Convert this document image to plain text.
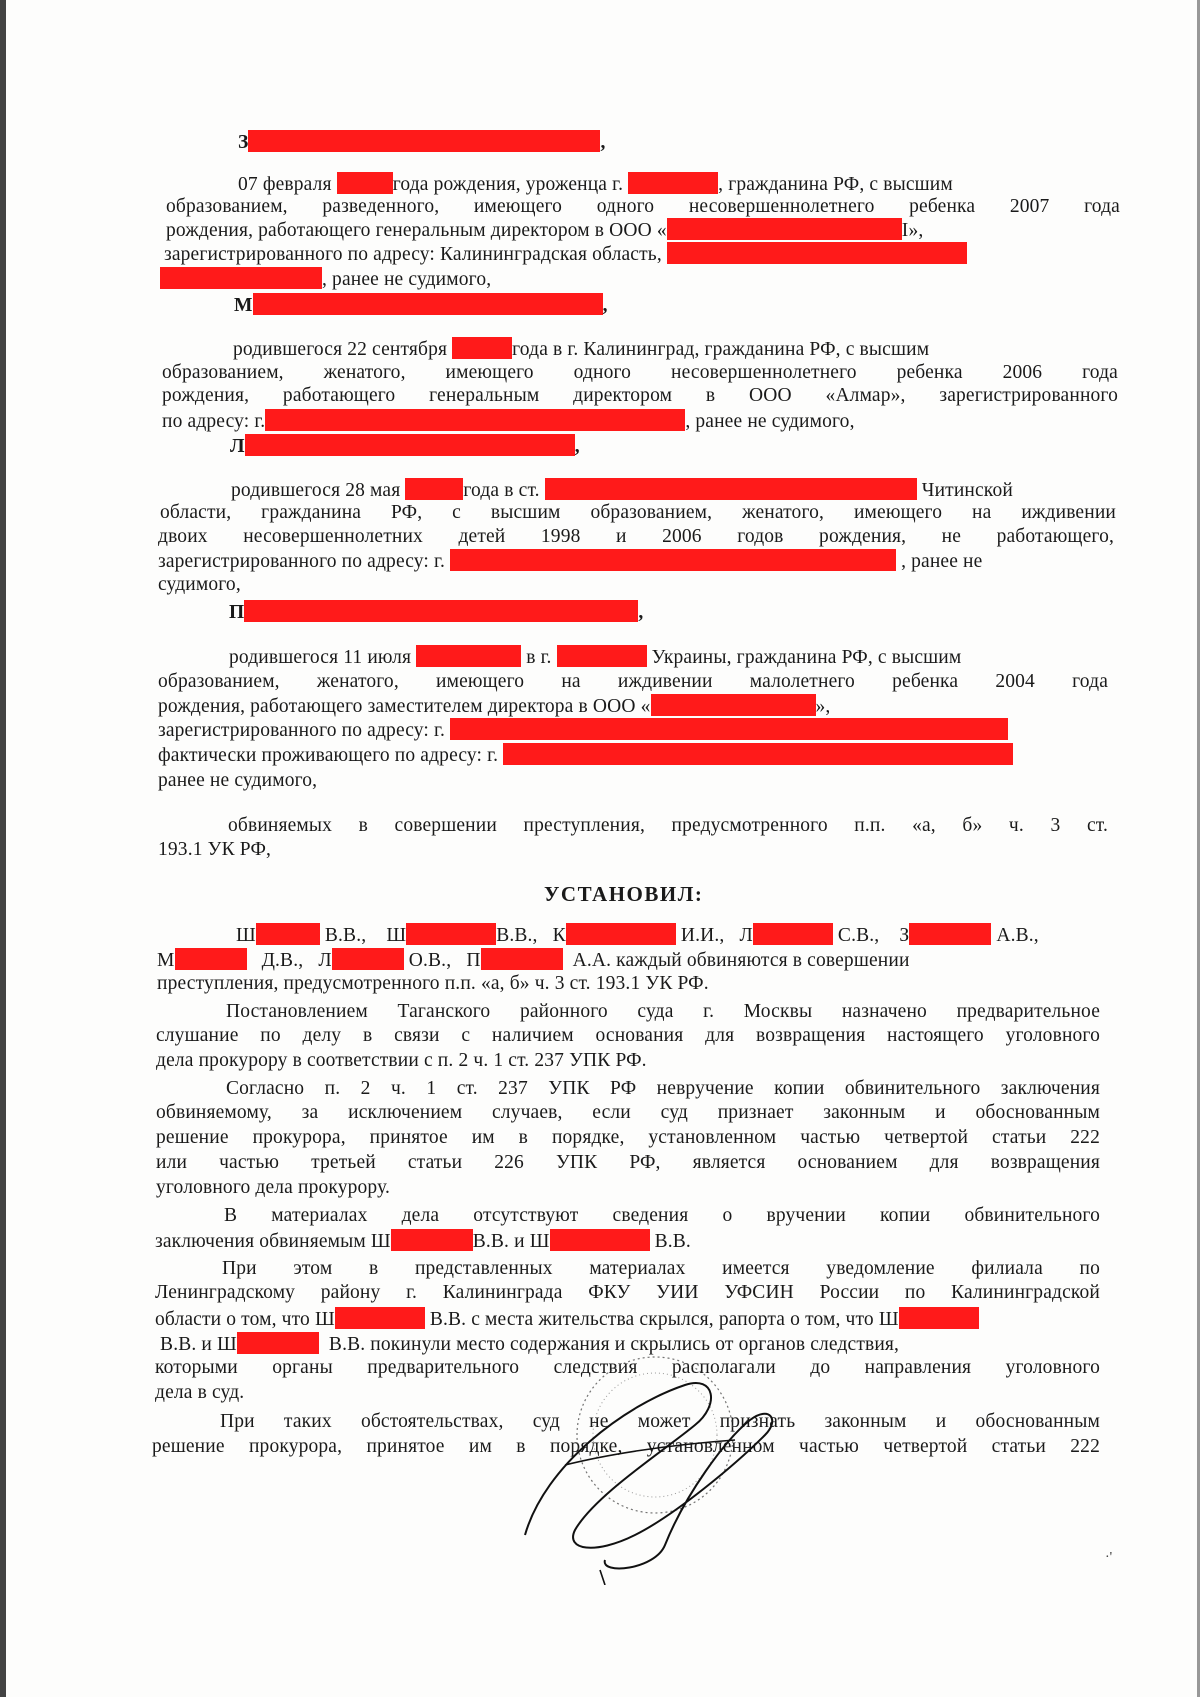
З	,
07 февраля	года рождения, уроженца г.	, гражданина РФ, с высшим
образованием, разведенного, имеющего одного несовершеннолетнего ребенка 2007 года
рождения, работающего генеральным директором в ООО «	I»,
зарегистрированного по адресу: Калининградская область,
, ранее не судимого,
М	,
родившегося 22 сентября	года в г. Калининград, гражданина РФ, с высшим
образованием, женатого, имеющего одного несовершеннолетнего ребенка 2006 года
рождения, работающего генеральным директором в ООО «Алмар», зарегистрированного
по адресу: г.	, ранее не судимого,
Л	,
родившегося 28 мая	года в ст.	Читинской
области, гражданина РФ, с высшим образованием, женатого, имеющего на иждивении
двоих несовершеннолетних детей 1998 и 2006 годов рождения, не работающего,
зарегистрированного по адресу: г.	, ранее не
судимого,
П	,
родившегося 11 июля	в г.	Украины, гражданина РФ, с высшим
образованием, женатого, имеющего на иждивении малолетнего ребенка 2004 года
рождения, работающего заместителем директора в ООО «	»,
зарегистрированного по адресу: г.
фактически проживающего по адресу: г.
ранее не судимого,
обвиняемых в совершении преступления, предусмотренного п.п. «а, б» ч. 3 ст.
193.1 УК РФ,
УСТАНОВИЛ:
Ш	В.В., Ш	В.В., К	И.И., Л	С.В., З	А.В.,
М	Д.В., Л	О.В., П	А.А. каждый обвиняются в совершении
преступления, предусмотренного п.п. «а, б» ч. 3 ст. 193.1 УК РФ.
Постановлением Таганского районного суда г. Москвы назначено предварительное
слушание по делу в связи с наличием основания для возвращения настоящего уголовного
дела прокурору в соответствии с п. 2 ч. 1 ст. 237 УПК РФ.
Согласно п. 2 ч. 1 ст. 237 УПК РФ невручение копии обвинительного заключения
обвиняемому, за исключением случаев, если суд признает законным и обоснованным
решение прокурора, принятое им в порядке, установленном частью четвертой статьи 222
или частью третьей статьи 226 УПК РФ, является основанием для возвращения
уголовного дела прокурору.
В материалах дела отсутствуют сведения о вручении копии обвинительного
заключения обвиняемым Ш	В.В. и Ш	В.В.
При этом в представленных материалах имеется уведомление филиала по
Ленинградскому району г. Калининграда ФКУ УИИ УФСИН России по Калининградской
области о том, что Ш	В.В. с места жительства скрылся, рапорта о том, что Ш
В.В. и Ш	В.В. покинули место содержания и скрылись от органов следствия,
которыми органы предварительного следствия располагали до направления уголовного
дела в суд.
При таких обстоятельствах, суд не может признать законным и обоснованным
решение прокурора, принятое им в порядке, установленном частью четвертой статьи 222
·'
